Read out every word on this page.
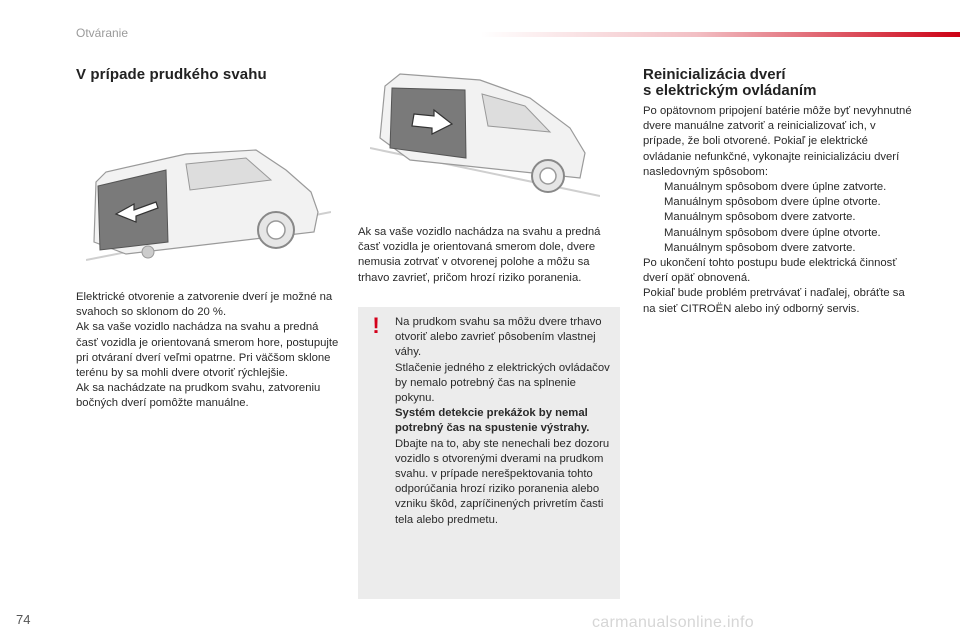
Otváranie
V prípade prudkého svahu

Elektrické otvorenie a zatvorenie dverí je možné na svahoch so sklonom do 20 %.

Ak sa vaše vozidlo nachádza na svahu a predná časť vozidla je orientovaná smerom hore, postupujte pri otváraní dverí veľmi opatrne. Pri väčšom sklone terénu by sa mohli dvere otvoriť rýchlejšie.

Ak sa nachádzate na prudkom svahu, zatvoreniu bočných dverí pomôžte manuálne.

Ak sa vaše vozidlo nachádza na svahu a predná časť vozidla je orientovaná smerom dole, dvere nemusia zotrvať v otvorenej polohe a môžu sa trhavo zavrieť, pričom hrozí riziko poranenia.
! Na prudkom svahu sa môžu dvere trhavo otvoriť alebo zavrieť pôsobením vlastnej váhy.

Stlačenie jedného z elektrických ovládačov by nemalo potrebný čas na splnenie pokynu.

Systém detekcie prekážok by nemal potrebný čas na spustenie výstrahy.

Dbajte na to, aby ste nenechali bez dozoru vozidlo s otvorenými dverami na prudkom svahu. v prípade nerešpektovania tohto odporúčania hrozí riziko poranenia alebo vzniku škôd, zapríčinených privretím časti tela alebo predmetu.

Reinicializácia dverí
s elektrickým ovládaním

Po opätovnom pripojení batérie môže byť nevyhnutné dvere manuálne zatvoriť a reinicializovať ich, v prípade, že boli otvorené. Pokiaľ je elektrické ovládanie nefunkčné, vykonajte reinicializáciu dverí nasledovným spôsobom:

Manuálnym spôsobom dvere úplne zatvorte.
Manuálnym spôsobom dvere úplne otvorte.
Manuálnym spôsobom dvere zatvorte.
Manuálnym spôsobom dvere úplne otvorte.
Manuálnym spôsobom dvere zatvorte.

Po ukončení tohto postupu bude elektrická činnosť dverí opäť obnovená.

Pokiaľ bude problém pretrvávať i naďalej, obráťte sa na sieť CITROËN alebo iný odborný servis.

74	carmanualsonline.info
